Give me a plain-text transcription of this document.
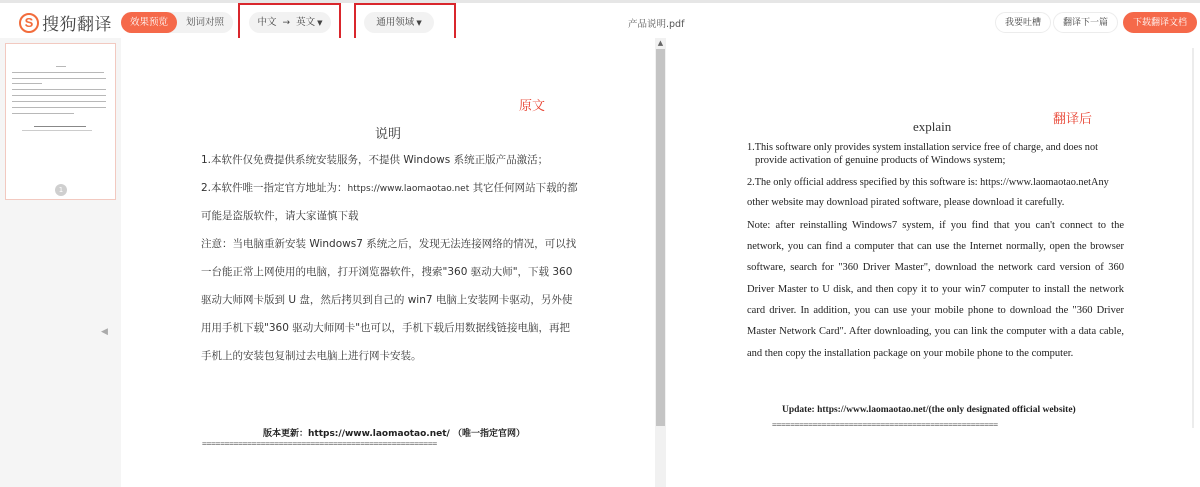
S 搜狗翻译	效果预览	划词对照	中文 → 英文 ▼	通用领域 ▼	产品说明.pdf	我要吐槽	翻译下一篇	下载翻译文档
1
◀
原文
说明
1.本软件仅免费提供系统安装服务，不提供 Windows 系统正版产品激活；
2.本软件唯一指定官方地址为：https://www.laomaotao.net 其它任何网站下载的都
可能是盗版软件，请大家谨慎下载
注意：当电脑重新安装 Windows7 系统之后，发现无法连接网络的情况，可以找
一台能正常上网使用的电脑，打开浏览器软件，搜索"360 驱动大师"，下载 360
驱动大师网卡版到 U 盘，然后拷贝到自己的 win7 电脑上安装网卡驱动，另外使
用用手机下载"360 驱动大师网卡"也可以，手机下载后用数据线链接电脑，再把
手机上的安装包复制过去电脑上进行网卡安装。
版本更新：https://www.laomaotao.net/ （唯一指定官网）
====================================================
▲
翻译后
explain
1.This software only provides system installation service free of charge, and does not
provide activation of genuine products of Windows system;
2.The only official address specified by this software is: https://www.laomaotao.netAny
other website may download pirated software, please download it carefully.
Note: after reinstalling Windows7 system, if you find that you can't connect to the
network, you can find a computer that can use the Internet normally, open the browser
software, search for "360 Driver Master", download the network card version of 360
Driver Master to U disk, and then copy it to your win7 computer to install the network
card driver. In addition, you can use your mobile phone to download the "360 Driver
Master Network Card". After downloading, you can link the computer with a data cable,
and then copy the installation package on your mobile phone to the computer.
Update: https://www.laomaotao.net/(the only designated official website)
==================================================
